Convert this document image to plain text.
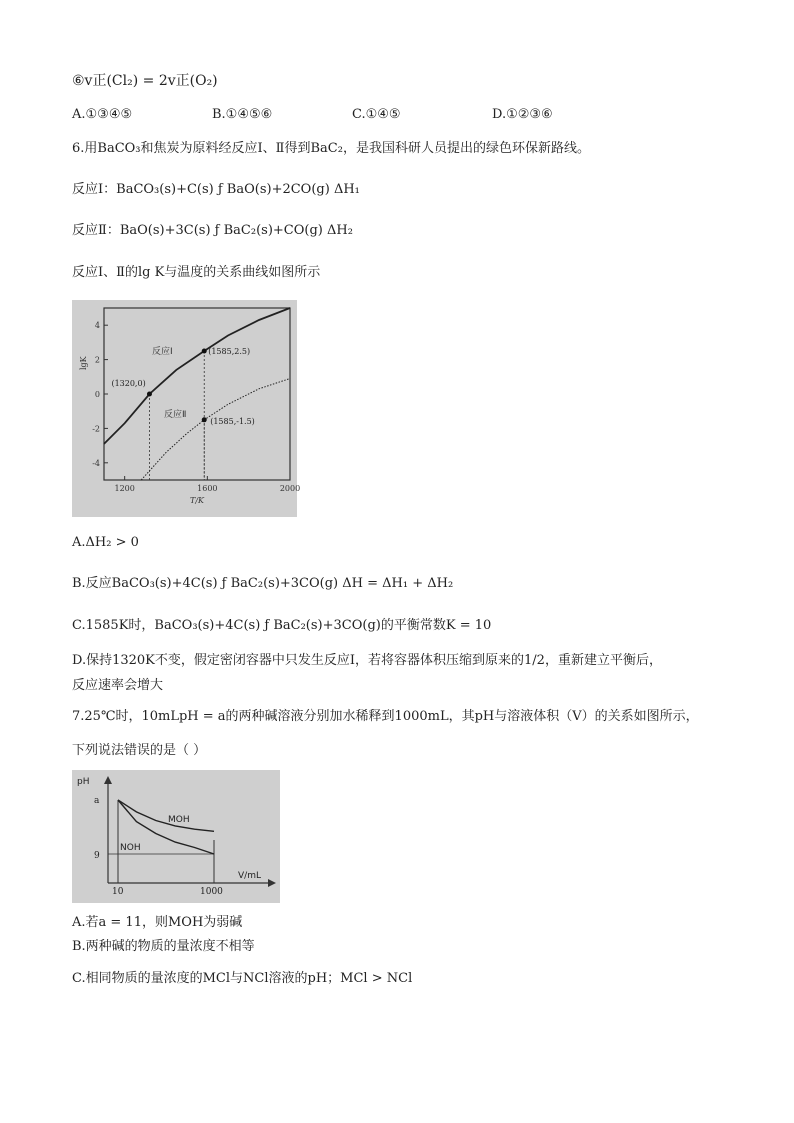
⑥v正(Cl₂) = 2v正(O₂)
A.①③④⑤	B.①④⑤⑥	C.①④⑤	D.①②③⑥
6.用BaCO₃和焦炭为原料经反应Ⅰ、Ⅱ得到BaC₂，是我国科研人员提出的绿色环保新路线。
反应Ⅰ：BaCO₃(s)+C(s) ƒ BaO(s)+2CO(g) ΔH₁
反应Ⅱ：BaO(s)+3C(s) ƒ BaC₂(s)+CO(g) ΔH₂
反应Ⅰ、Ⅱ的lg K与温度的关系曲线如图所示
-4
-2
0
2
4
1200	1600	2000
(1320,0)
(1585,2.5)
(1585,-1.5)
lgK
T/K
反应Ⅰ
反应Ⅱ
A.ΔH₂ > 0
B.反应BaCO₃(s)+4C(s) ƒ BaC₂(s)+3CO(g) ΔH = ΔH₁ + ΔH₂
C.1585K时，BaCO₃(s)+4C(s) ƒ BaC₂(s)+3CO(g)的平衡常数K = 10
D.保持1320K不变，假定密闭容器中只发生反应Ⅰ，若将容器体积压缩到原来的1/2，重新建立平衡后，
反应速率会增大
7.25℃时，10mLpH = a的两种碱溶液分别加水稀释到1000mL，其pH与溶液体积（V）的关系如图所示，
下列说法错误的是（ ）
pH
V/mL
a
9
10	1000
MOH
NOH
A.若a = 11，则MOH为弱碱
B.两种碱的物质的量浓度不相等
C.相同物质的量浓度的MCl与NCl溶液的pH；MCl > NCl
